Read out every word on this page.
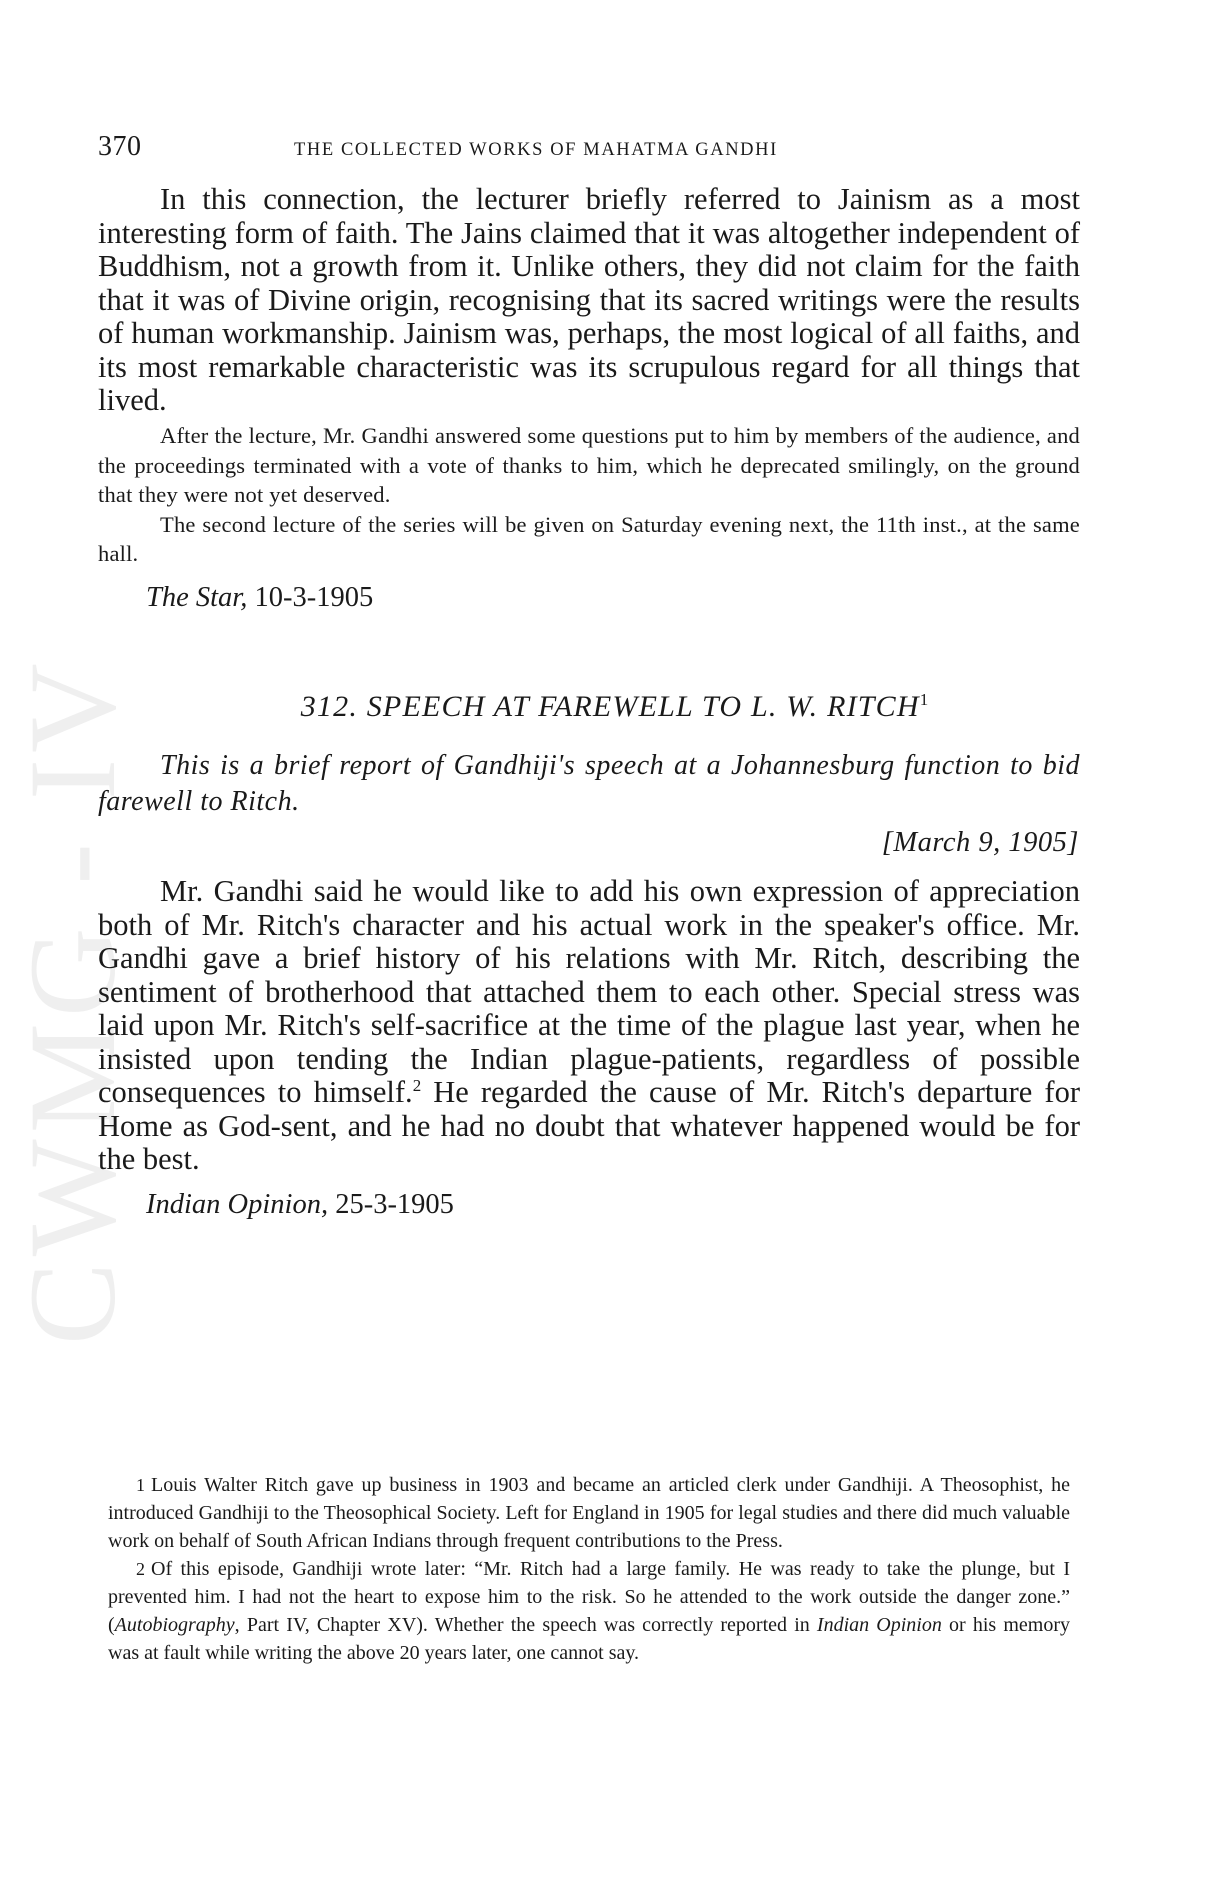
CWMG IV
370	THE COLLECTED WORKS OF MAHATMA GANDHI

In this connection, the lecturer briefly referred to Jainism as a most interesting form of faith. The Jains claimed that it was altogether independent of Buddhism, not a growth from it. Unlike others, they did not claim for the faith that it was of Divine origin, recognising that its sacred writings were the results of human workmanship. Jainism was, perhaps, the most logical of all faiths, and its most remarkable characteristic was its scrupulous regard for all things that lived.

After the lecture, Mr. Gandhi answered some questions put to him by members of the audience, and the proceedings terminated with a vote of thanks to him, which he deprecated smilingly, on the ground that they were not yet deserved.

The second lecture of the series will be given on Saturday evening next, the 11th inst., at the same hall.

The Star, 10-3-1905
312. SPEECH AT FAREWELL TO L. W. RITCH$^1$

This is a brief report of Gandhiji's speech at a Johannesburg function to bid farewell to Ritch.

[March 9, 1905]

Mr. Gandhi said he would like to add his own expression of appreciation both of Mr. Ritch's character and his actual work in the speaker's office. Mr. Gandhi gave a brief history of his relations with Mr. Ritch, describing the sentiment of brotherhood that attached them to each other. Special stress was laid upon Mr. Ritch's self-sacrifice at the time of the plague last year, when he insisted upon tending the Indian plague-patients, regardless of possible consequences to himself.$^2$ He regarded the cause of Mr. Ritch's departure for Home as God-sent, and he had no doubt that whatever happened would be for the best.

Indian Opinion, 25-3-1905

1 Louis Walter Ritch gave up business in 1903 and became an articled clerk under Gandhiji. A Theosophist, he introduced Gandhiji to the Theosophical Society. Left for England in 1905 for legal studies and there did much valuable work on behalf of South African Indians through frequent contributions to the Press.

2 Of this episode, Gandhiji wrote later: “Mr. Ritch had a large family. He was ready to take the plunge, but I prevented him. I had not the heart to expose him to the risk. So he attended to the work outside the danger zone.” (Autobiography, Part IV, Chapter XV). Whether the speech was correctly reported in Indian Opinion or his memory was at fault while writing the above 20 years later, one cannot say.
